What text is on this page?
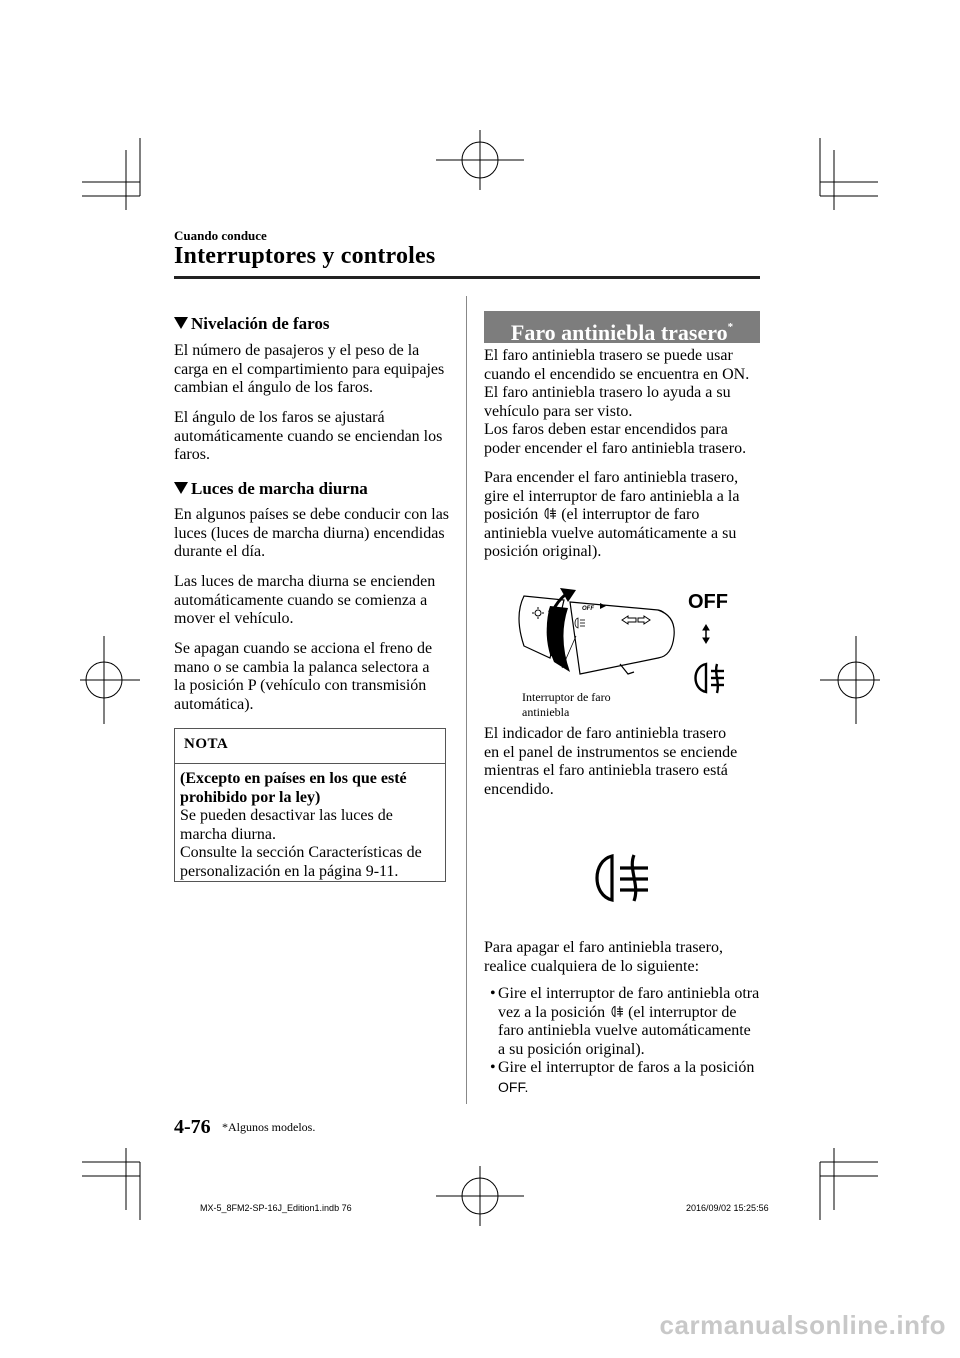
Cuando conduce
Interruptores y controles
Nivelación de faros
El número de pasajeros y el peso de la
carga en el compartimiento para equipajes
cambian el ángulo de los faros.
El ángulo de los faros se ajustará
automáticamente cuando se enciendan los
faros.
Luces de marcha diurna
En algunos países se debe conducir con las
luces (luces de marcha diurna) encendidas
durante el día.
Las luces de marcha diurna se encienden
automáticamente cuando se comienza a
mover el vehículo.
Se apagan cuando se acciona el freno de
mano o se cambia la palanca selectora a
la posición P (vehículo con transmisión
automática).
NOTA
(Excepto en países en los que esté
prohibido por la ley)
Se pueden desactivar las luces de
marcha diurna.
Consulte la sección Características de
personalización en la página 9-11.
Faro antiniebla trasero*
El faro antiniebla trasero se puede usar
cuando el encendido se encuentra en ON.
El faro antiniebla trasero lo ayuda a su
vehículo para ser visto.
Los faros deben estar encendidos para
poder encender el faro antiniebla trasero.
Para encender el faro antiniebla trasero,
gire el interruptor de faro antiniebla a la
posición (el interruptor de faro
antiniebla vuelve automáticamente a su
posición original).
AUTO	OFF	OFF
Interruptor de faro
antiniebla
El indicador de faro antiniebla trasero
en el panel de instrumentos se enciende
mientras el faro antiniebla trasero está
encendido.
Para apagar el faro antiniebla trasero,
realice cualquiera de lo siguiente:
• Gire el interruptor de faro antiniebla otra
vez a la posición (el interruptor de
faro antiniebla vuelve automáticamente
a su posición original).
• Gire el interruptor de faros a la posición
OFF.
4-76 *Algunos modelos.
MX-5_8FM2-SP-16J_Edition1.indb 76	2016/09/02 15:25:56
carmanualsonline.info
